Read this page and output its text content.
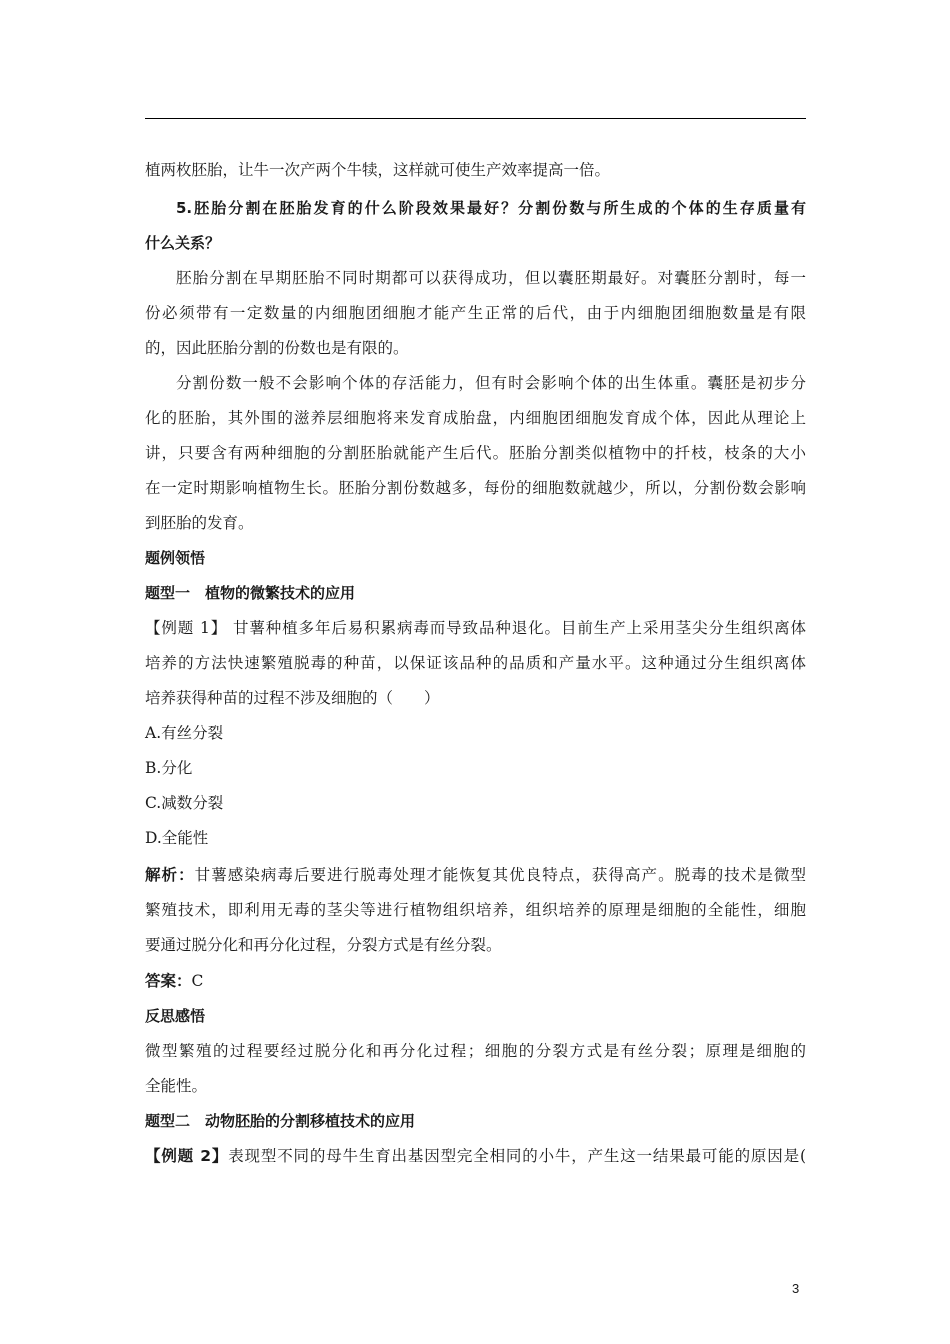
植两枚胚胎，让牛一次产两个牛犊，这样就可使生产效率提高一倍。
5.胚胎分割在胚胎发育的什么阶段效果最好？分割份数与所生成的个体的生存质量有
什么关系？
胚胎分割在早期胚胎不同时期都可以获得成功，但以囊胚期最好。对囊胚分割时，每一
份必须带有一定数量的内细胞团细胞才能产生正常的后代，由于内细胞团细胞数量是有限
的，因此胚胎分割的份数也是有限的。
分割份数一般不会影响个体的存活能力，但有时会影响个体的出生体重。囊胚是初步分
化的胚胎，其外围的滋养层细胞将来发育成胎盘，内细胞团细胞发育成个体，因此从理论上
讲，只要含有两种细胞的分割胚胎就能产生后代。胚胎分割类似植物中的扦枝，枝条的大小
在一定时期影响植物生长。胚胎分割份数越多，每份的细胞数就越少，所以，分割份数会影响
到胚胎的发育。
题例领悟
题型一　植物的微繁技术的应用
【例题 1】 甘薯种植多年后易积累病毒而导致品种退化。目前生产上采用茎尖分生组织离体
培养的方法快速繁殖脱毒的种苗，以保证该品种的品质和产量水平。这种通过分生组织离体
培养获得种苗的过程不涉及细胞的（　　）
A.有丝分裂
B.分化
C.减数分裂
D.全能性
解析：甘薯感染病毒后要进行脱毒处理才能恢复其优良特点，获得高产。脱毒的技术是微型
繁殖技术，即利用无毒的茎尖等进行植物组织培养，组织培养的原理是细胞的全能性，细胞
要通过脱分化和再分化过程，分裂方式是有丝分裂。
答案：C
反思感悟
微型繁殖的过程要经过脱分化和再分化过程；细胞的分裂方式是有丝分裂；原理是细胞的
全能性。
题型二　动物胚胎的分割移植技术的应用
【例题 2】表现型不同的母牛生育出基因型完全相同的小牛，产生这一结果最可能的原因是(
3
